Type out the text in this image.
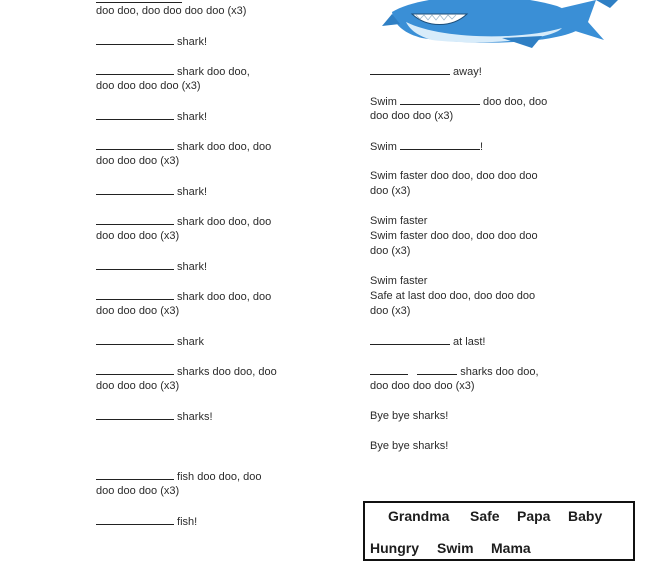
doo doo, doo doo doo doo (x3)
shark!
shark doo doo,
doo doo doo doo (x3)
shark!
shark doo doo, doo
doo doo doo (x3)
shark!
shark doo doo, doo
doo doo doo (x3)
shark!
shark doo doo, doo
doo doo doo (x3)
shark
sharks doo doo, doo
doo doo doo (x3)
sharks!
fish doo doo, doo
doo doo doo (x3)
fish!
away!
Swim	doo doo, doo
doo doo doo (x3)
Swim	!
Swim faster doo doo, doo doo doo
doo (x3)
Swim faster
Swim faster doo doo, doo doo doo
doo (x3)
Swim faster
Safe at last doo doo, doo doo doo
doo (x3)
at last!
sharks doo doo,
doo doo doo doo (x3)
Bye bye sharks!
Bye bye sharks!
Grandma Safe Papa Baby
Hungry Swim Mama
